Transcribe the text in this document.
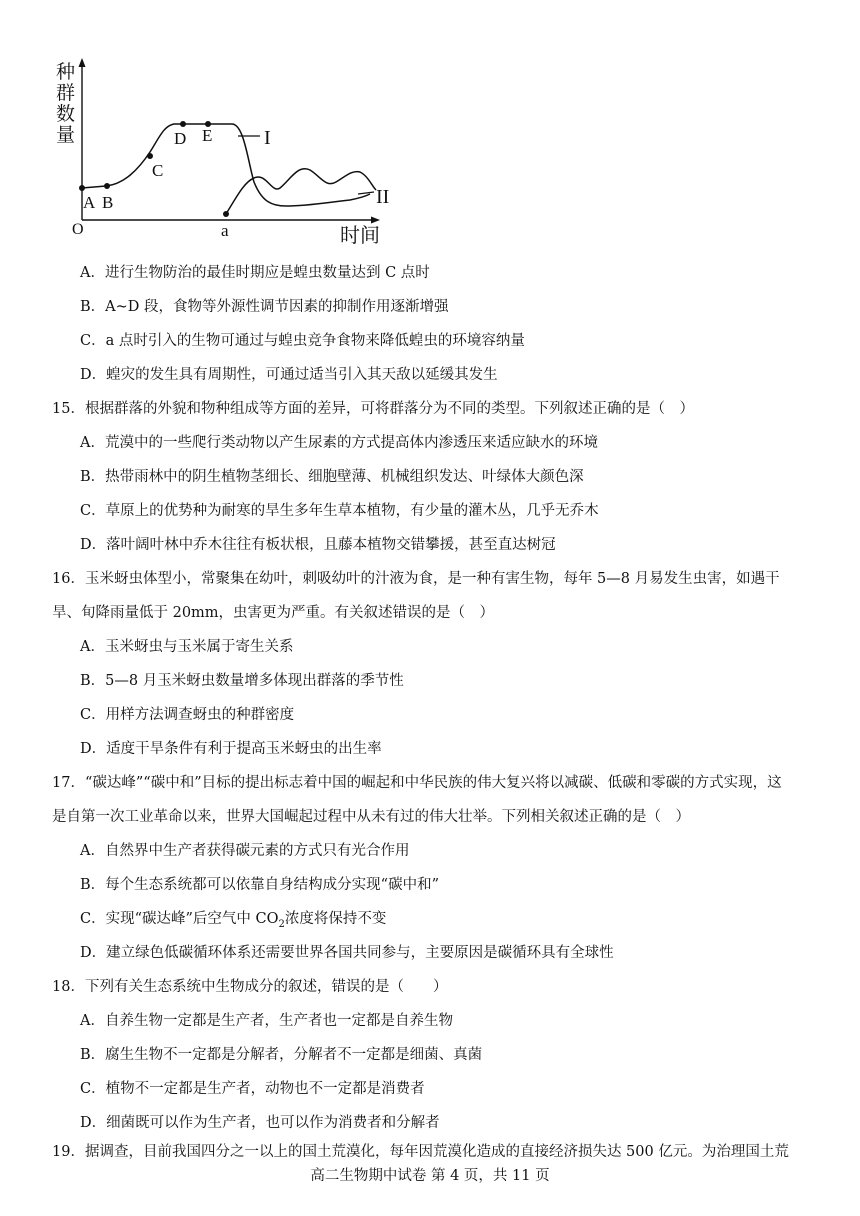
种
群
数
量
时间
O
I
II
A B
C
D E
a
A．进行生物防治的最佳时期应是蝗虫数量达到 C 点时
B．A~D 段，食物等外源性调节因素的抑制作用逐渐增强
C．a 点时引入的生物可通过与蝗虫竞争食物来降低蝗虫的环境容纳量
D．蝗灾的发生具有周期性，可通过适当引入其天敌以延缓其发生
15．根据群落的外貌和物种组成等方面的差异，可将群落分为不同的类型。下列叙述正确的是（　）
A．荒漠中的一些爬行类动物以产生尿素的方式提高体内渗透压来适应缺水的环境
B．热带雨林中的阴生植物茎细长、细胞壁薄、机械组织发达、叶绿体大颜色深
C．草原上的优势种为耐寒的旱生多年生草本植物，有少量的灌木丛，几乎无乔木
D．落叶阔叶林中乔木往往有板状根，且藤本植物交错攀援，甚至直达树冠
16．玉米蚜虫体型小，常聚集在幼叶，刺吸幼叶的汁液为食，是一种有害生物，每年 5—8 月易发生虫害，如遇干
旱、旬降雨量低于 20mm，虫害更为严重。有关叙述错误的是（　）
A．玉米蚜虫与玉米属于寄生关系
B．5—8 月玉米蚜虫数量增多体现出群落的季节性
C．用样方法调查蚜虫的种群密度
D．适度干旱条件有利于提高玉米蚜虫的出生率
17．“碳达峰”“碳中和”目标的提出标志着中国的崛起和中华民族的伟大复兴将以减碳、低碳和零碳的方式实现，这
是自第一次工业革命以来，世界大国崛起过程中从未有过的伟大壮举。下列相关叙述正确的是（　）
A．自然界中生产者获得碳元素的方式只有光合作用
B．每个生态系统都可以依靠自身结构成分实现“碳中和”
C．实现“碳达峰”后空气中 $CO_2$浓度将保持不变
D．建立绿色低碳循环体系还需要世界各国共同参与，主要原因是碳循环具有全球性
18．下列有关生态系统中生物成分的叙述，错误的是（　　）
A．自养生物一定都是生产者，生产者也一定都是自养生物
B．腐生生物不一定都是分解者，分解者不一定都是细菌、真菌
C．植物不一定都是生产者，动物也不一定都是消费者
D．细菌既可以作为生产者，也可以作为消费者和分解者
19．据调查，目前我国四分之一以上的国土荒漠化，每年因荒漠化造成的直接经济损失达 500 亿元。为治理国土荒
高二生物期中试卷 第 4 页，共 11 页
